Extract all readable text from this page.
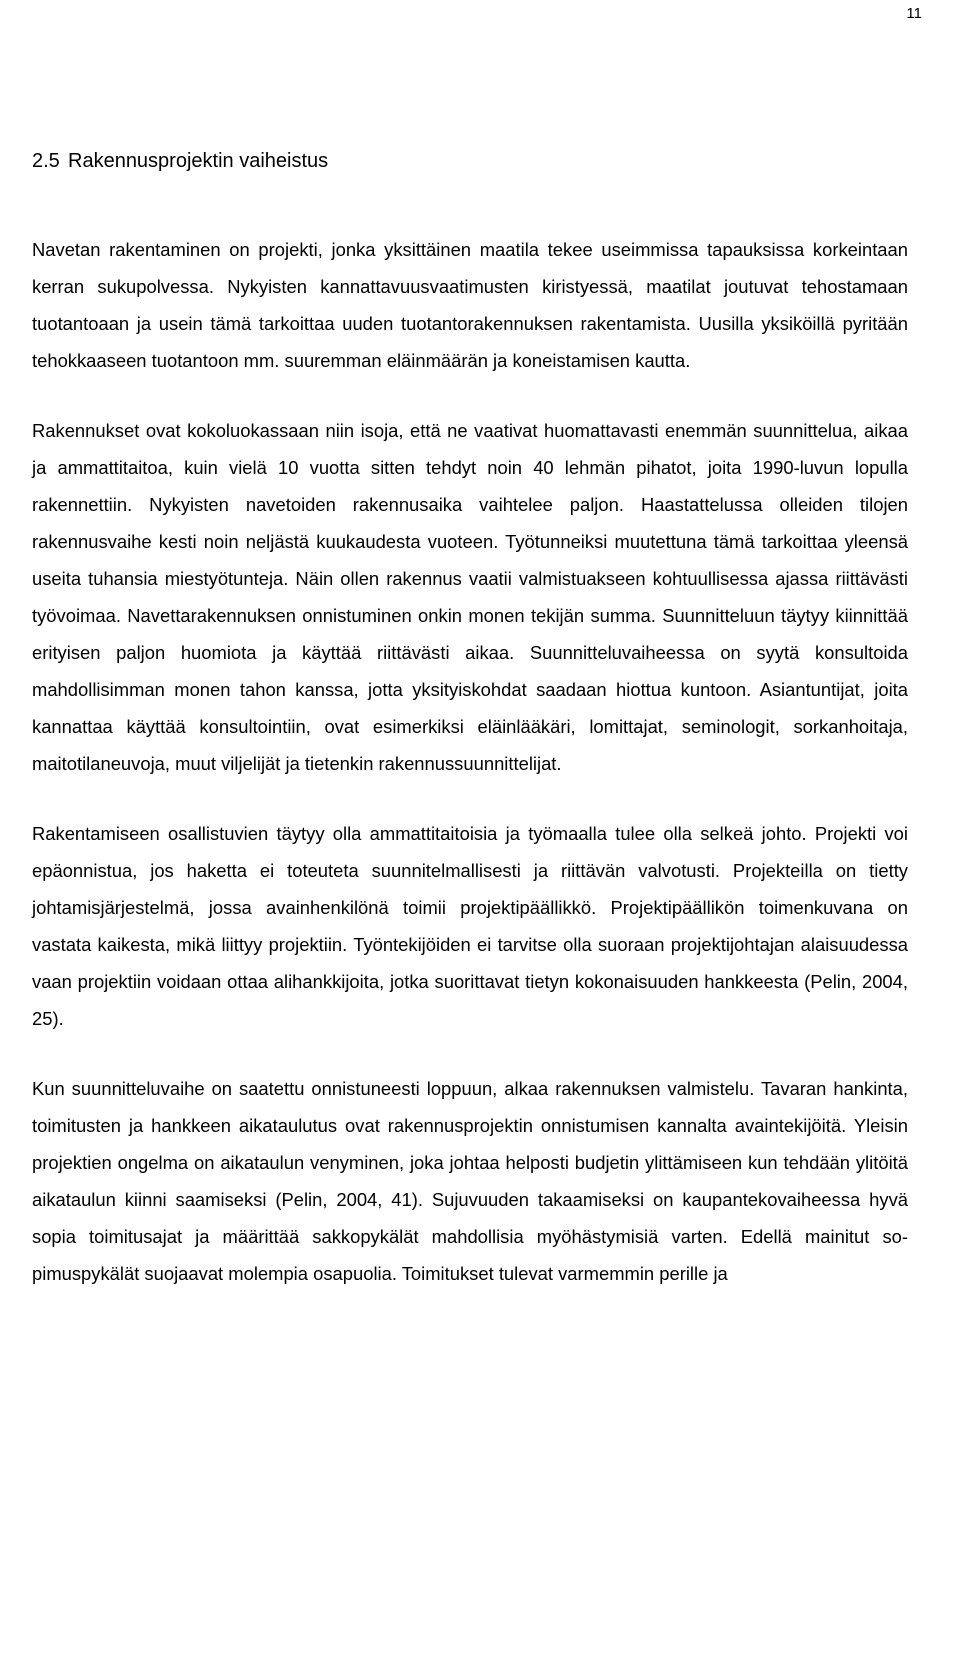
11
2.5 Rakennusprojektin vaiheistus

Navetan rakentaminen on projekti, jonka yksittäinen maatila tekee useimmissa tapauksissa korkeintaan kerran sukupolvessa. Nykyisten kannattavuusvaatimusten kiristyessä, maatilat joutuvat tehostamaan tuotantoaan ja usein tämä tarkoittaa uuden tuotantorakennuksen rakentamista. Uusilla yksiköillä pyritään tehokkaaseen tuotantoon mm. suuremman eläinmäärän ja koneistamisen kautta.

Rakennukset ovat kokoluokassaan niin isoja, että ne vaativat huomattavasti enemmän suunnittelua, aikaa ja ammattitaitoa, kuin vielä 10 vuotta sitten tehdyt noin 40 lehmän pihatot, joita 1990-luvun lopulla rakennettiin. Nykyisten navetoiden rakennusaika vaihtelee paljon. Haastattelussa olleiden tilojen rakennusvaihe kesti noin neljästä kuukaudesta vuoteen. Työtunneiksi muutettuna tämä tarkoittaa yleensä useita tuhansia miestyötunteja. Näin ollen rakennus vaatii valmistuakseen kohtuullisessa ajassa riittävästi työvoimaa. Navettarakennuksen onnistuminen onkin monen tekijän summa. Suunnitteluun täytyy kiinnittää erityisen paljon huomiota ja käyttää riittävästi aikaa. Suunnitteluvaiheessa on syytä konsultoida mahdollisimman monen tahon kanssa, jotta yksityiskohdat saadaan hiottua kuntoon. Asiantuntijat, joita kannattaa käyttää konsultointiin, ovat esimerkiksi eläinlääkäri, lomittajat, seminologit, sorkanhoitaja, maitotilaneuvoja, muut viljelijät ja tietenkin rakennussuunnittelijat.

Rakentamiseen osallistuvien täytyy olla ammattitaitoisia ja työmaalla tulee olla selkeä johto. Projekti voi epäonnistua, jos haketta ei toteuteta suunnitelmallisesti ja riittävän valvotusti. Projekteilla on tietty johtamisjärjestelmä, jossa avainhenkilönä toimii projektipäällikkö. Projektipäällikön toimenkuvana on vastata kaikesta, mikä liittyy projektiin. Työntekijöiden ei tarvitse olla suoraan projektijohtajan alaisuudessa vaan projektiin voidaan ottaa alihankkijoita, jotka suorittavat tietyn kokonaisuuden hankkeesta (Pelin, 2004, 25).

Kun suunnitteluvaihe on saatettu onnistuneesti loppuun, alkaa rakennuksen valmistelu. Tavaran hankinta, toimitusten ja hankkeen aikataulutus ovat rakennusprojektin onnistumisen kannalta avaintekijöitä. Yleisin projektien ongelma on aikataulun venyminen, joka johtaa helposti budjetin ylittämiseen kun tehdään ylitöitä aikataulun kiinni saamiseksi (Pelin, 2004, 41). Sujuvuuden takaamiseksi on kaupantekovaiheessa hyvä sopia toimitusajat ja määrittää sakkopykälät mahdollisia myöhästymisiä varten. Edellä mainitut sopimuspykälät suojaavat molempia osapuolia. Toimitukset tulevat varmemmin perille ja
